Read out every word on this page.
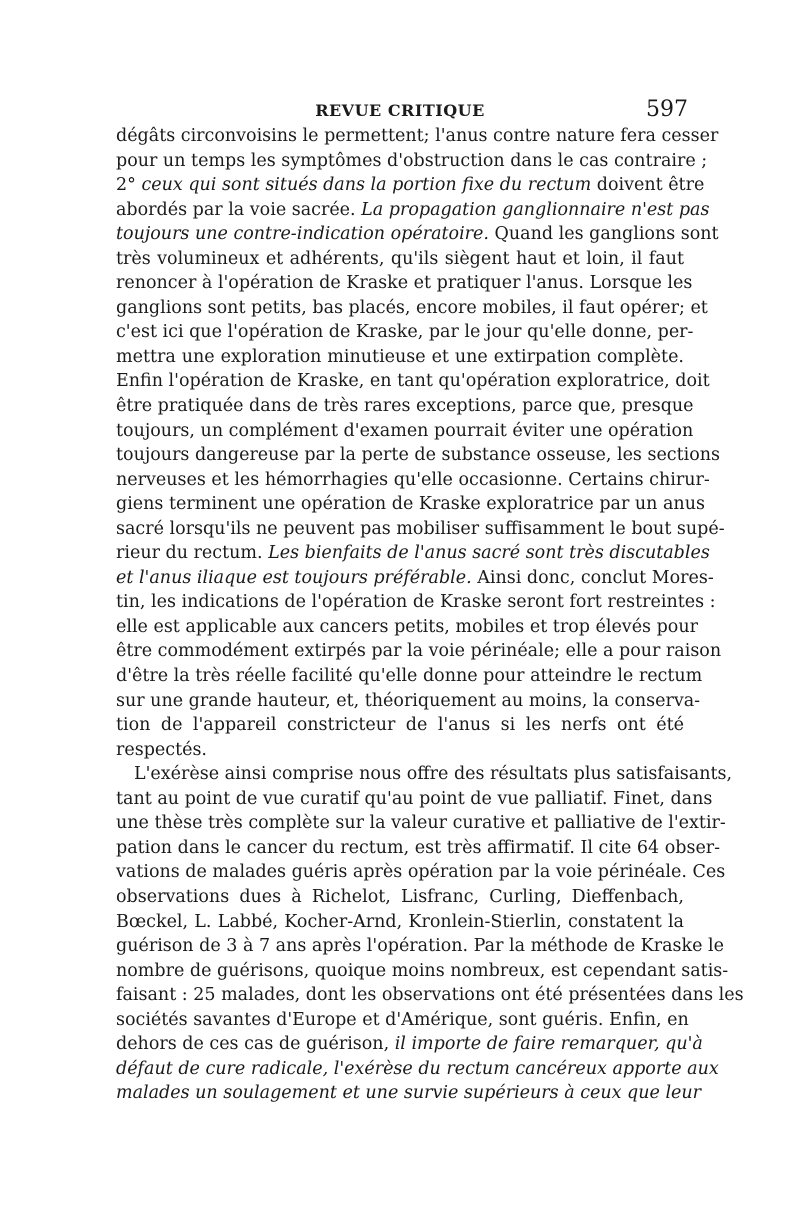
REVUE CRITIQUE	597
dégâts circonvoisins le permettent; l'anus contre nature fera cesser
pour un temps les symptômes d'obstruction dans le cas contraire ;
2° ceux qui sont situés dans la portion fixe du rectum doivent être
abordés par la voie sacrée. La propagation ganglionnaire n'est pas
toujours une contre-indication opératoire. Quand les ganglions sont
très volumineux et adhérents, qu'ils siègent haut et loin, il faut
renoncer à l'opération de Kraske et pratiquer l'anus. Lorsque les
ganglions sont petits, bas placés, encore mobiles, il faut opérer; et
c'est ici que l'opération de Kraske, par le jour qu'elle donne, per-
mettra une exploration minutieuse et une extirpation complète.
Enfin l'opération de Kraske, en tant qu'opération exploratrice, doit
être pratiquée dans de très rares exceptions, parce que, presque
toujours, un complément d'examen pourrait éviter une opération
toujours dangereuse par la perte de substance osseuse, les sections
nerveuses et les hémorrhagies qu'elle occasionne. Certains chirur-
giens terminent une opération de Kraske exploratrice par un anus
sacré lorsqu'ils ne peuvent pas mobiliser suffisamment le bout supé-
rieur du rectum. Les bienfaits de l'anus sacré sont très discutables
et l'anus iliaque est toujours préférable. Ainsi donc, conclut Mores-
tin, les indications de l'opération de Kraske seront fort restreintes :
elle est applicable aux cancers petits, mobiles et trop élevés pour
être commodément extirpés par la voie périnéale; elle a pour raison
d'être la très réelle facilité qu'elle donne pour atteindre le rectum
sur une grande hauteur, et, théoriquement au moins, la conserva-
tion de l'appareil constricteur de l'anus si les nerfs ont été
respectés.
L'exérèse ainsi comprise nous offre des résultats plus satisfaisants,
tant au point de vue curatif qu'au point de vue palliatif. Finet, dans
une thèse très complète sur la valeur curative et palliative de l'extir-
pation dans le cancer du rectum, est très affirmatif. Il cite 64 obser-
vations de malades guéris après opération par la voie périnéale. Ces
observations dues à Richelot, Lisfranc, Curling, Dieffenbach,
Bœckel, L. Labbé, Kocher-Arnd, Kronlein-Stierlin, constatent la
guérison de 3 à 7 ans après l'opération. Par la méthode de Kraske le
nombre de guérisons, quoique moins nombreux, est cependant satis-
faisant : 25 malades, dont les observations ont été présentées dans les
sociétés savantes d'Europe et d'Amérique, sont guéris. Enfin, en
dehors de ces cas de guérison, il importe de faire remarquer, qu'à
défaut de cure radicale, l'exérèse du rectum cancéreux apporte aux
malades un soulagement et une survie supérieurs à ceux que leur
